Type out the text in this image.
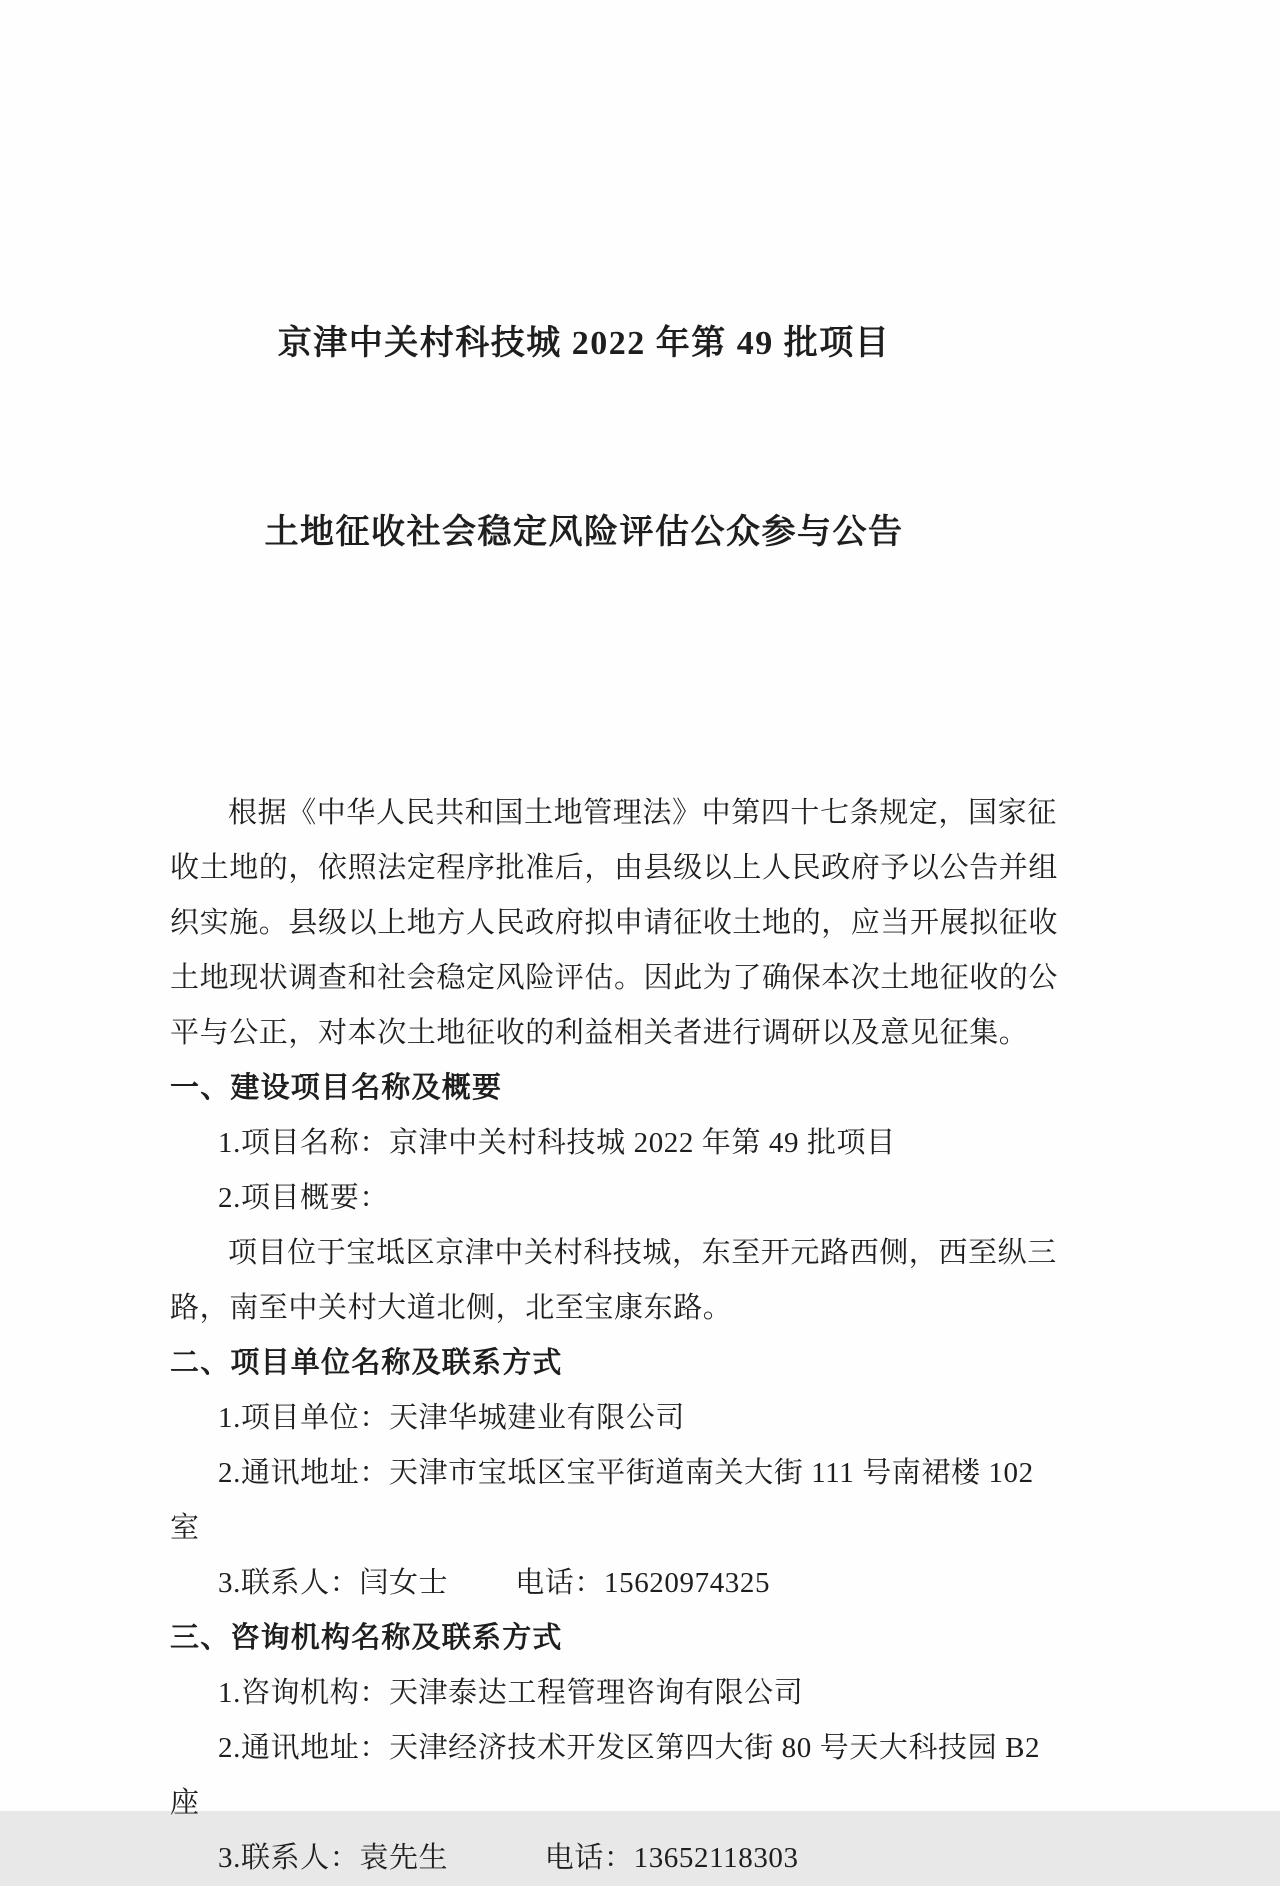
京津中关村科技城 2022 年第 49 批项目

土地征收社会稳定风险评估公众参与公告

根据《中华人民共和国土地管理法》中第四十七条规定，国家征
收土地的，依照法定程序批准后，由县级以上人民政府予以公告并组
织实施。县级以上地方人民政府拟申请征收土地的，应当开展拟征收
土地现状调查和社会稳定风险评估。因此为了确保本次土地征收的公
平与公正，对本次土地征收的利益相关者进行调研以及意见征集。
一、建设项目名称及概要
1.项目名称：京津中关村科技城 2022 年第 49 批项目
2.项目概要：
项目位于宝坻区京津中关村科技城，东至开元路西侧，西至纵三
路，南至中关村大道北侧，北至宝康东路。
二、项目单位名称及联系方式
1.项目单位：天津华城建业有限公司
2.通讯地址：天津市宝坻区宝平街道南关大街 111 号南裙楼 102
室
3.联系人：闫女士　　 电话：15620974325
三、咨询机构名称及联系方式
1.咨询机构：天津泰达工程管理咨询有限公司
2.通讯地址：天津经济技术开发区第四大街 80 号天大科技园 B2
座
3.联系人：袁先生　　　 电话：13652118303
